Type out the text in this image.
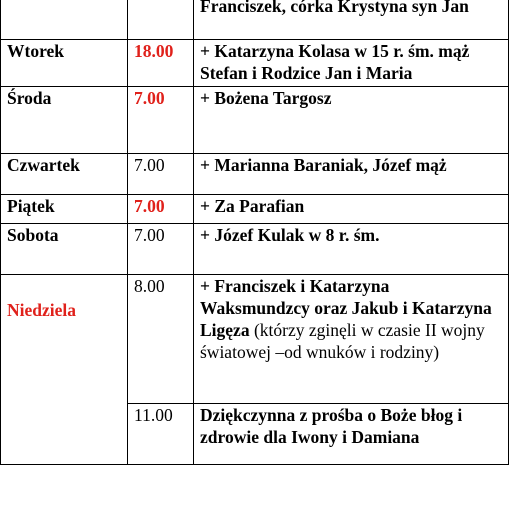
		Franciszek, córka Krystyna syn Jan
Wtorek	18.00	+ Katarzyna Kolasa w 15 r. śm. mąż Stefan i Rodzice Jan i Maria
Środa	7.00	+ Bożena Targosz
Czwartek	7.00	+ Marianna Baraniak, Józef mąż
Piątek	7.00	+ Za Parafian
Sobota	7.00	+ Józef Kulak w 8 r. śm.
Niedziela	8.00	+ Franciszek i Katarzyna Waksmundzcy oraz Jakub i Katarzyna Ligęza (którzy zginęli w czasie II wojny światowej –od wnuków i rodziny)
	11.00	Dziękczynna z prośba o Boże błog i zdrowie dla Iwony i Damiana
